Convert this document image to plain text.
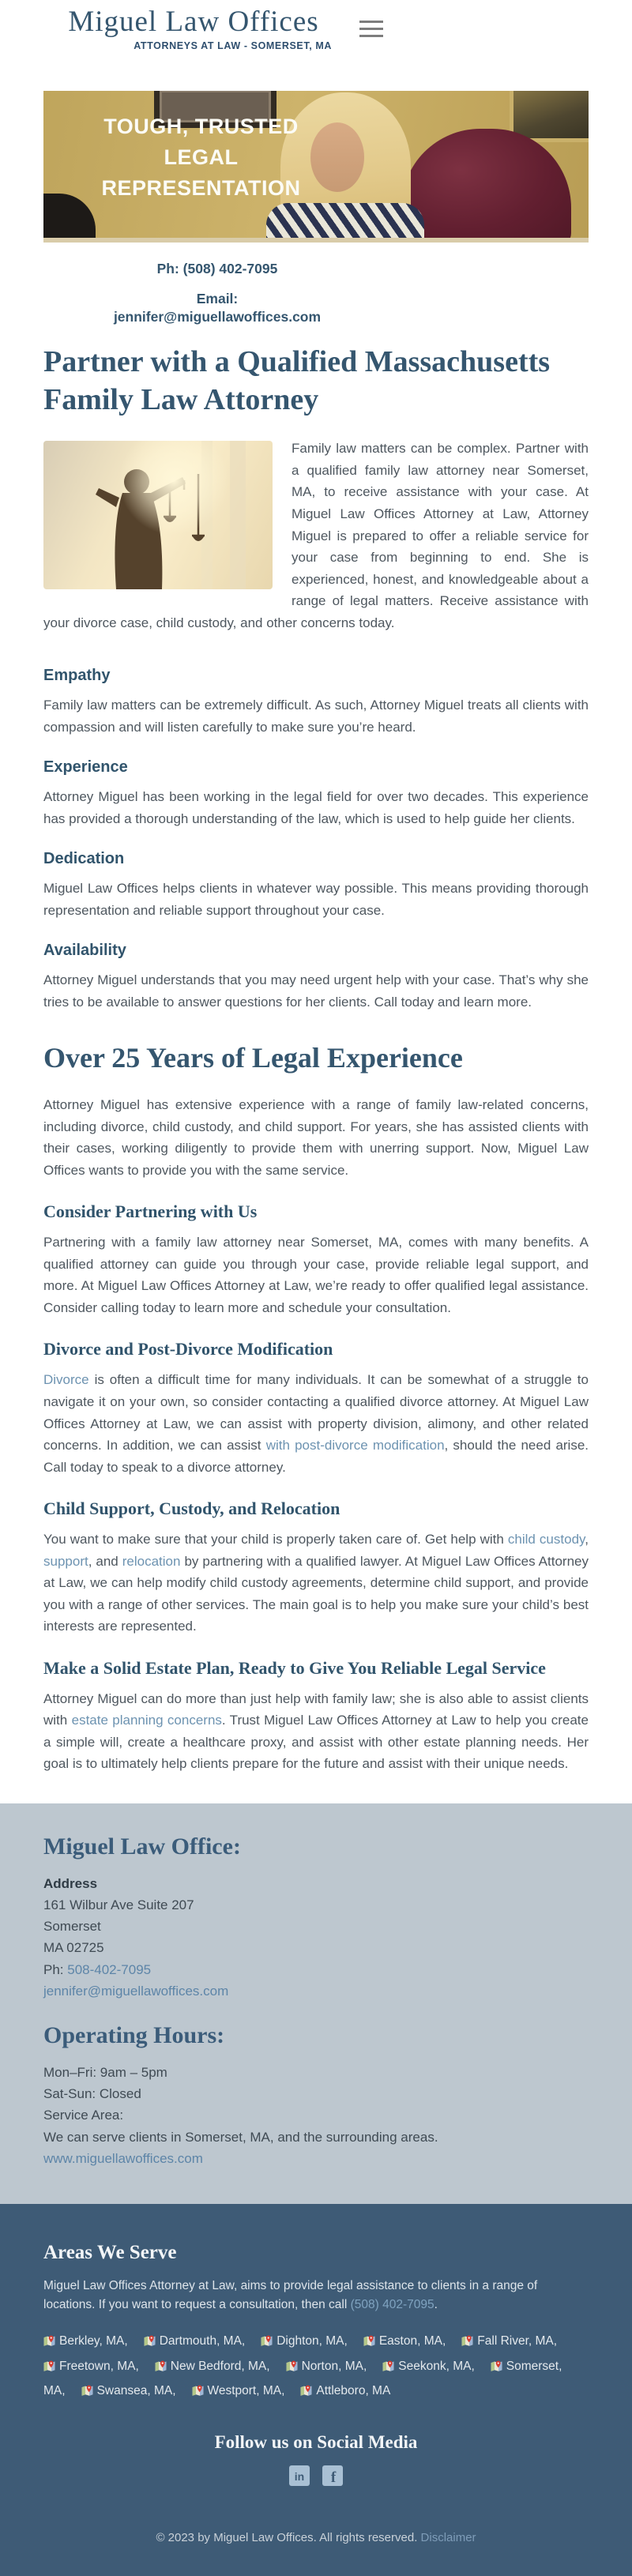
Miguel Law Offices
ATTORNEYS AT LAW - SOMERSET, MA
TOUGH, TRUSTED
LEGAL
REPRESENTATION
Ph: (508) 402-7095
Email:
jennifer@miguellawoffices.com
Partner with a Qualified Massachusetts Family Law Attorney

Family law matters can be complex. Partner with a qualified family law attorney near Somerset, MA, to receive assistance with your case. At Miguel Law Offices Attorney at Law, Attorney Miguel is prepared to offer a reliable service for your case from beginning to end. She is experienced, honest, and knowledgeable about a range of legal matters. Receive assistance with your divorce case, child custody, and other concerns today.

Empathy

Family law matters can be extremely difficult. As such, Attorney Miguel treats all clients with compassion and will listen carefully to make sure you’re heard.

Experience

Attorney Miguel has been working in the legal field for over two decades. This experience has provided a thorough understanding of the law, which is used to help guide her clients.

Dedication

Miguel Law Offices helps clients in whatever way possible. This means providing thorough representation and reliable support throughout your case.

Availability

Attorney Miguel understands that you may need urgent help with your case. That’s why she tries to be available to answer questions for her clients. Call today and learn more.

Over 25 Years of Legal Experience

Attorney Miguel has extensive experience with a range of family law-related concerns, including divorce, child custody, and child support. For years, she has assisted clients with their cases, working diligently to provide them with unerring support. Now, Miguel Law Offices wants to provide you with the same service.

Consider Partnering with Us

Partnering with a family law attorney near Somerset, MA, comes with many benefits. A qualified attorney can guide you through your case, provide reliable legal support, and more. At Miguel Law Offices Attorney at Law, we’re ready to offer qualified legal assistance. Consider calling today to learn more and schedule your consultation.

Divorce and Post-Divorce Modification

Divorce is often a difficult time for many individuals. It can be somewhat of a struggle to navigate it on your own, so consider contacting a qualified divorce attorney. At Miguel Law Offices Attorney at Law, we can assist with property division, alimony, and other related concerns. In addition, we can assist with post-divorce modification, should the need arise. Call today to speak to a divorce attorney.

Child Support, Custody, and Relocation

You want to make sure that your child is properly taken care of. Get help with child custody, support, and relocation by partnering with a qualified lawyer. At Miguel Law Offices Attorney at Law, we can help modify child custody agreements, determine child support, and provide you with a range of other services. The main goal is to help you make sure your child’s best interests are represented.

Make a Solid Estate Plan, Ready to Give You Reliable Legal Service

Attorney Miguel can do more than just help with family law; she is also able to assist clients with estate planning concerns. Trust Miguel Law Offices Attorney at Law to help you create a simple will, create a healthcare proxy, and assist with other estate planning needs. Her goal is to ultimately help clients prepare for the future and assist with their unique needs.

Miguel Law Office:
Address
161 Wilbur Ave Suite 207
Somerset
MA 02725
Ph: 508-402-7095
jennifer@miguellawoffices.com
Operating Hours:
Mon–Fri: 9am – 5pm
Sat-Sun: Closed
Service Area:
We can serve clients in Somerset, MA, and the surrounding areas.
www.miguellawoffices.com
Areas We Serve

Miguel Law Offices Attorney at Law, aims to provide legal assistance to clients in a range of locations. If you want to request a consultation, then call (508) 402-7095.

Berkley, MA,	Dartmouth, MA,	Dighton, MA,	Easton, MA,	Fall River, MA,Freetown, MA,	New Bedford, MA,	Norton, MA,	Seekonk, MA,	Somerset, MA,	Swansea, MA,	Westport, MA,	Attleboro, MA
Follow us on Social Media
in
f
© 2023 by Miguel Law Offices. All rights reserved. Disclaimer
